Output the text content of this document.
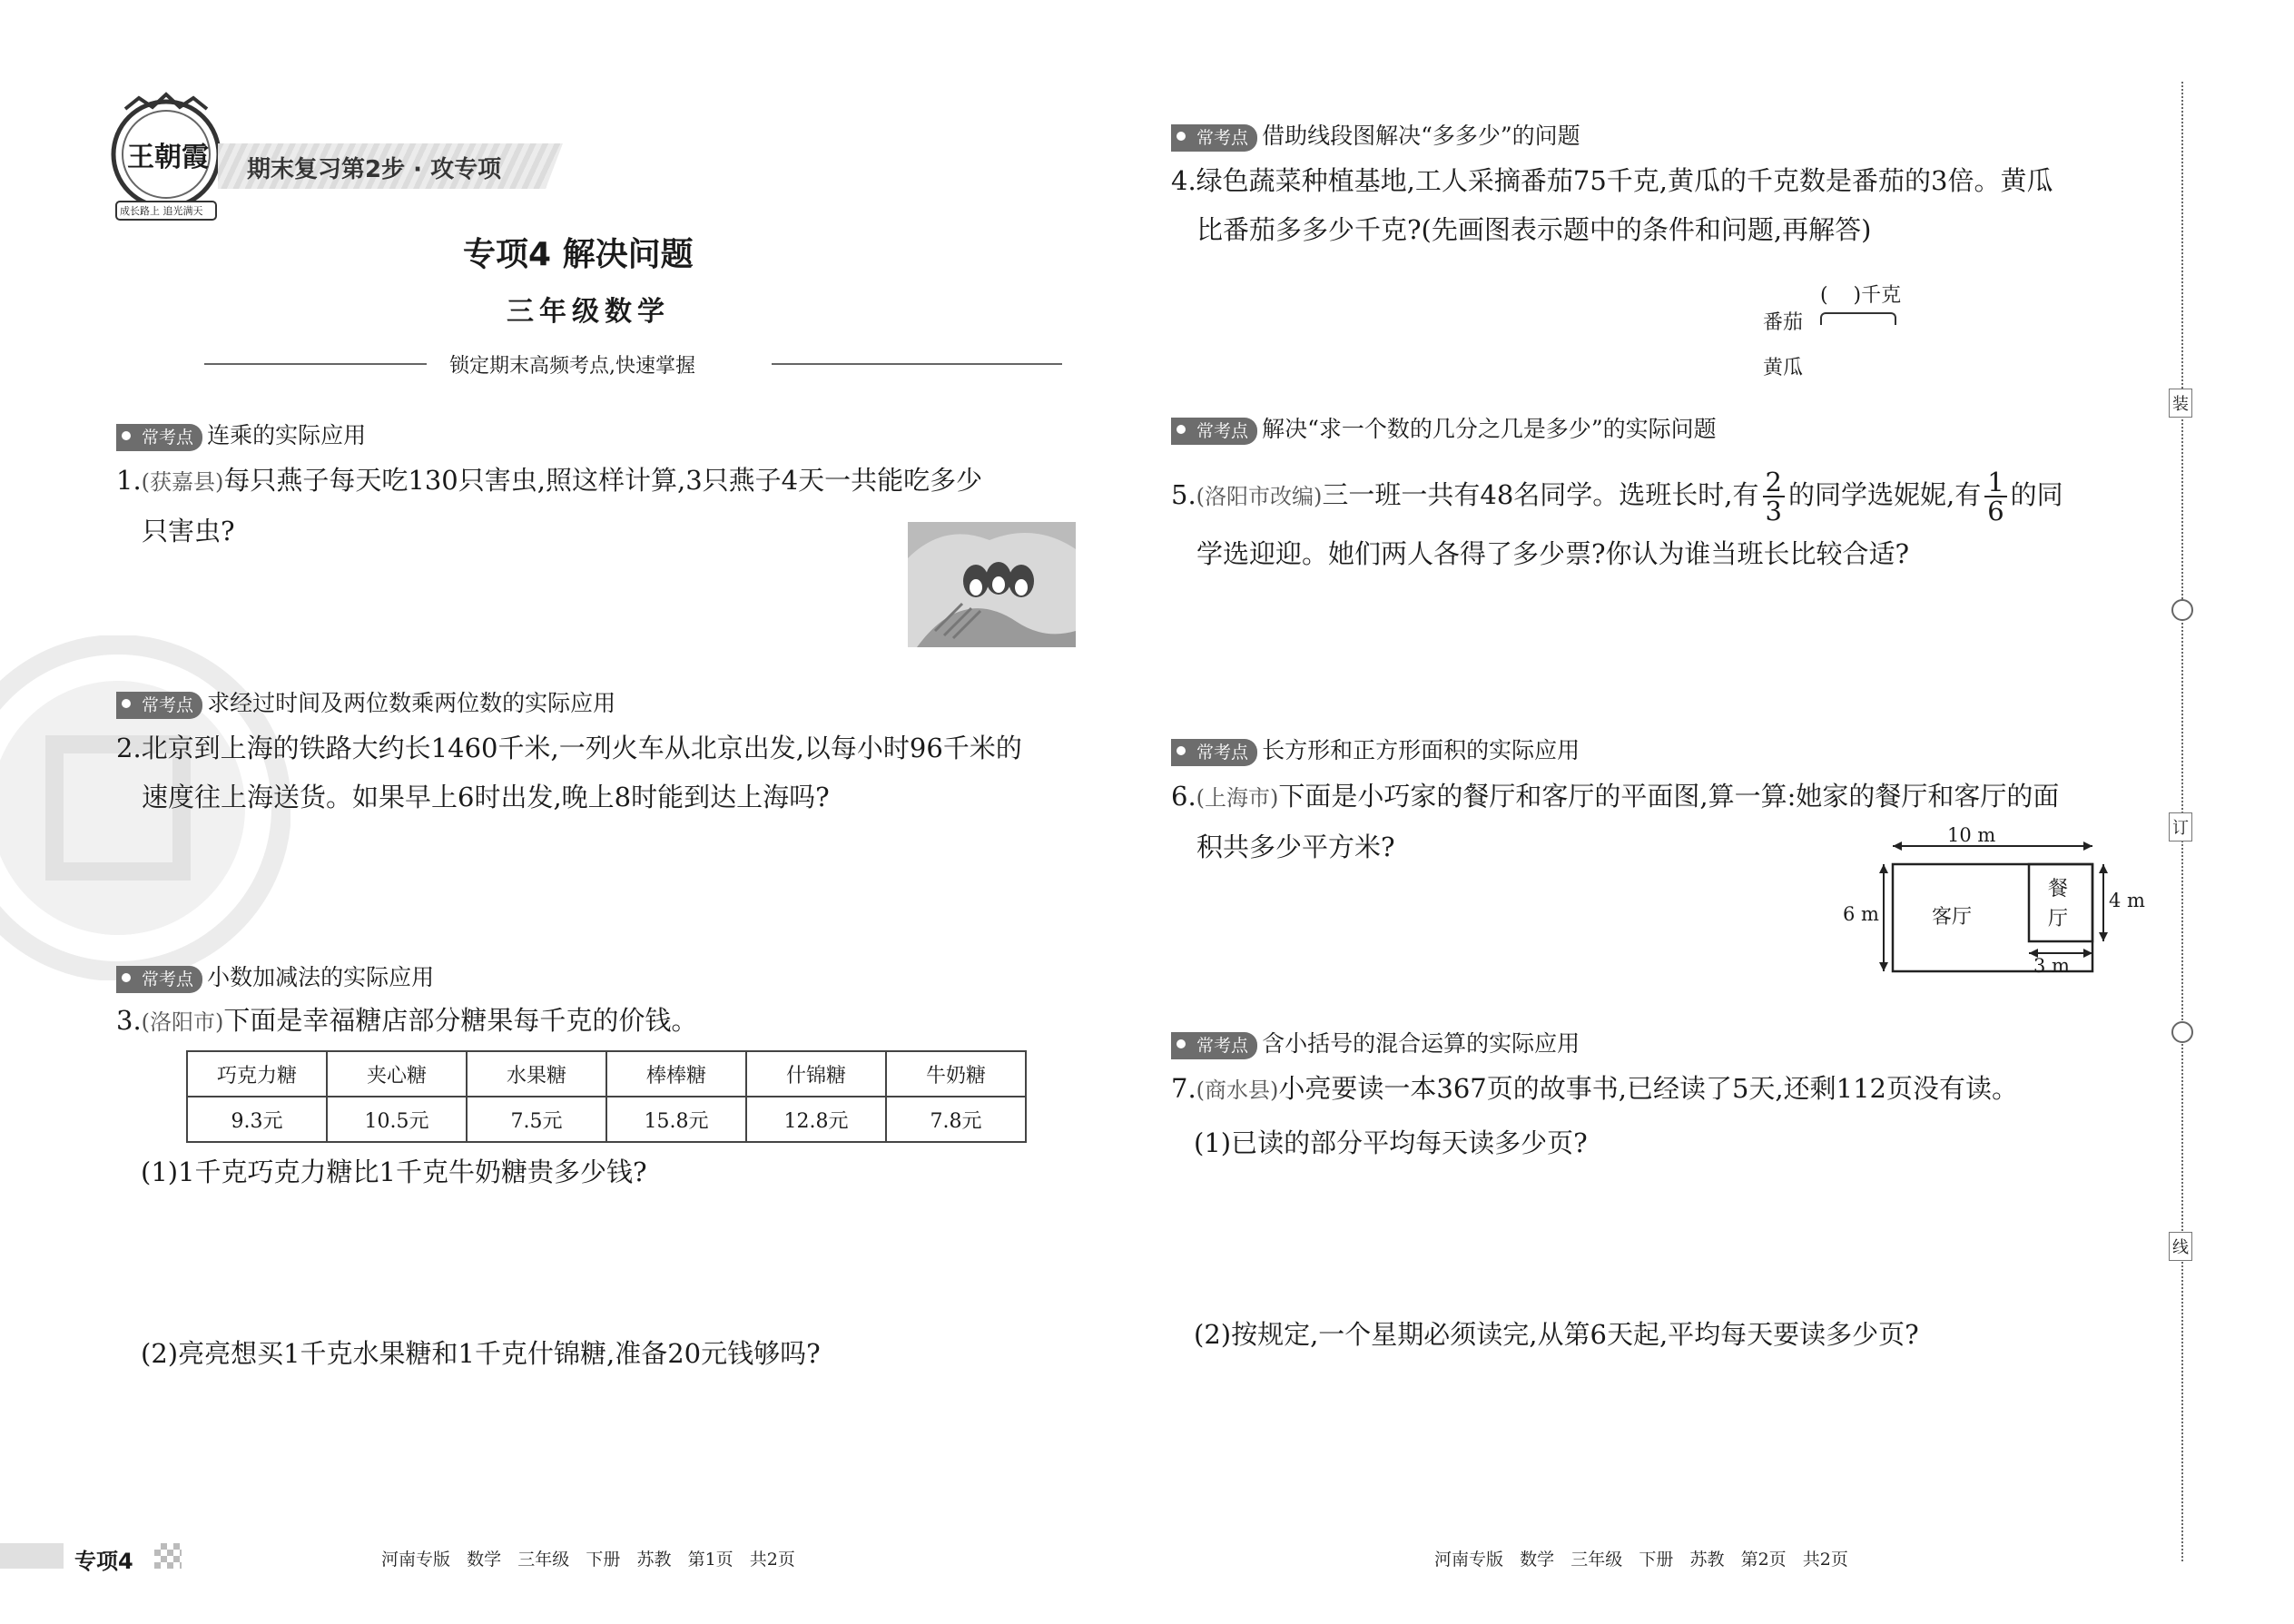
王朝霞
成长路上 追光满天
期末复习第2步 · 攻专项
专项4 解决问题
三年级数学
锁定期末高频考点,快速掌握
常考点 连乘的实际应用
1.(获嘉县)每只燕子每天吃130只害虫,照这样计算,3只燕子4天一共能吃多少
只害虫?
常考点 求经过时间及两位数乘两位数的实际应用
2.北京到上海的铁路大约长1460千米,一列火车从北京出发,以每小时96千米的
速度往上海送货。如果早上6时出发,晚上8时能到达上海吗?
常考点 小数加减法的实际应用
3.(洛阳市)下面是幸福糖店部分糖果每千克的价钱。
巧克力糖	夹心糖	水果糖	棒棒糖	什锦糖	牛奶糖
9.3元	10.5元	7.5元	15.8元	12.8元	7.8元
(1)1千克巧克力糖比1千克牛奶糖贵多少钱?
(2)亮亮想买1千克水果糖和1千克什锦糖,准备20元钱够吗?
专项4	河南专版   数学   三年级   下册   苏教   第1页   共2页
常考点 借助线段图解决“多多少”的问题
4.绿色蔬菜种植基地,工人采摘番茄75千克,黄瓜的千克数是番茄的3倍。黄瓜
比番茄多多少千克?(先画图表示题中的条件和问题,再解答)
(    )千克
番茄
黄瓜
常考点 解决“求一个数的几分之几是多少”的实际问题
5.(洛阳市改编)三一班一共有48名同学。选班长时,有 $\frac{2}{3}$ 的同学选妮妮,有 $\frac{1}{6}$ 的同
学选迎迎。她们两人各得了多少票?你认为谁当班长比较合适?
常考点 长方形和正方形面积的实际应用
6.(上海市)下面是小巧家的餐厅和客厅的平面图,算一算:她家的餐厅和客厅的面
积共多少平方米?	10 m
6 m
4 m
3 m
客厅
餐
厅
常考点 含小括号的混合运算的实际应用
7.(商水县)小亮要读一本367页的故事书,已经读了5天,还剩112页没有读。
(1)已读的部分平均每天读多少页?
(2)按规定,一个星期必须读完,从第6天起,平均每天要读多少页?
装
订
线
河南专版   数学   三年级   下册   苏教   第2页   共2页
